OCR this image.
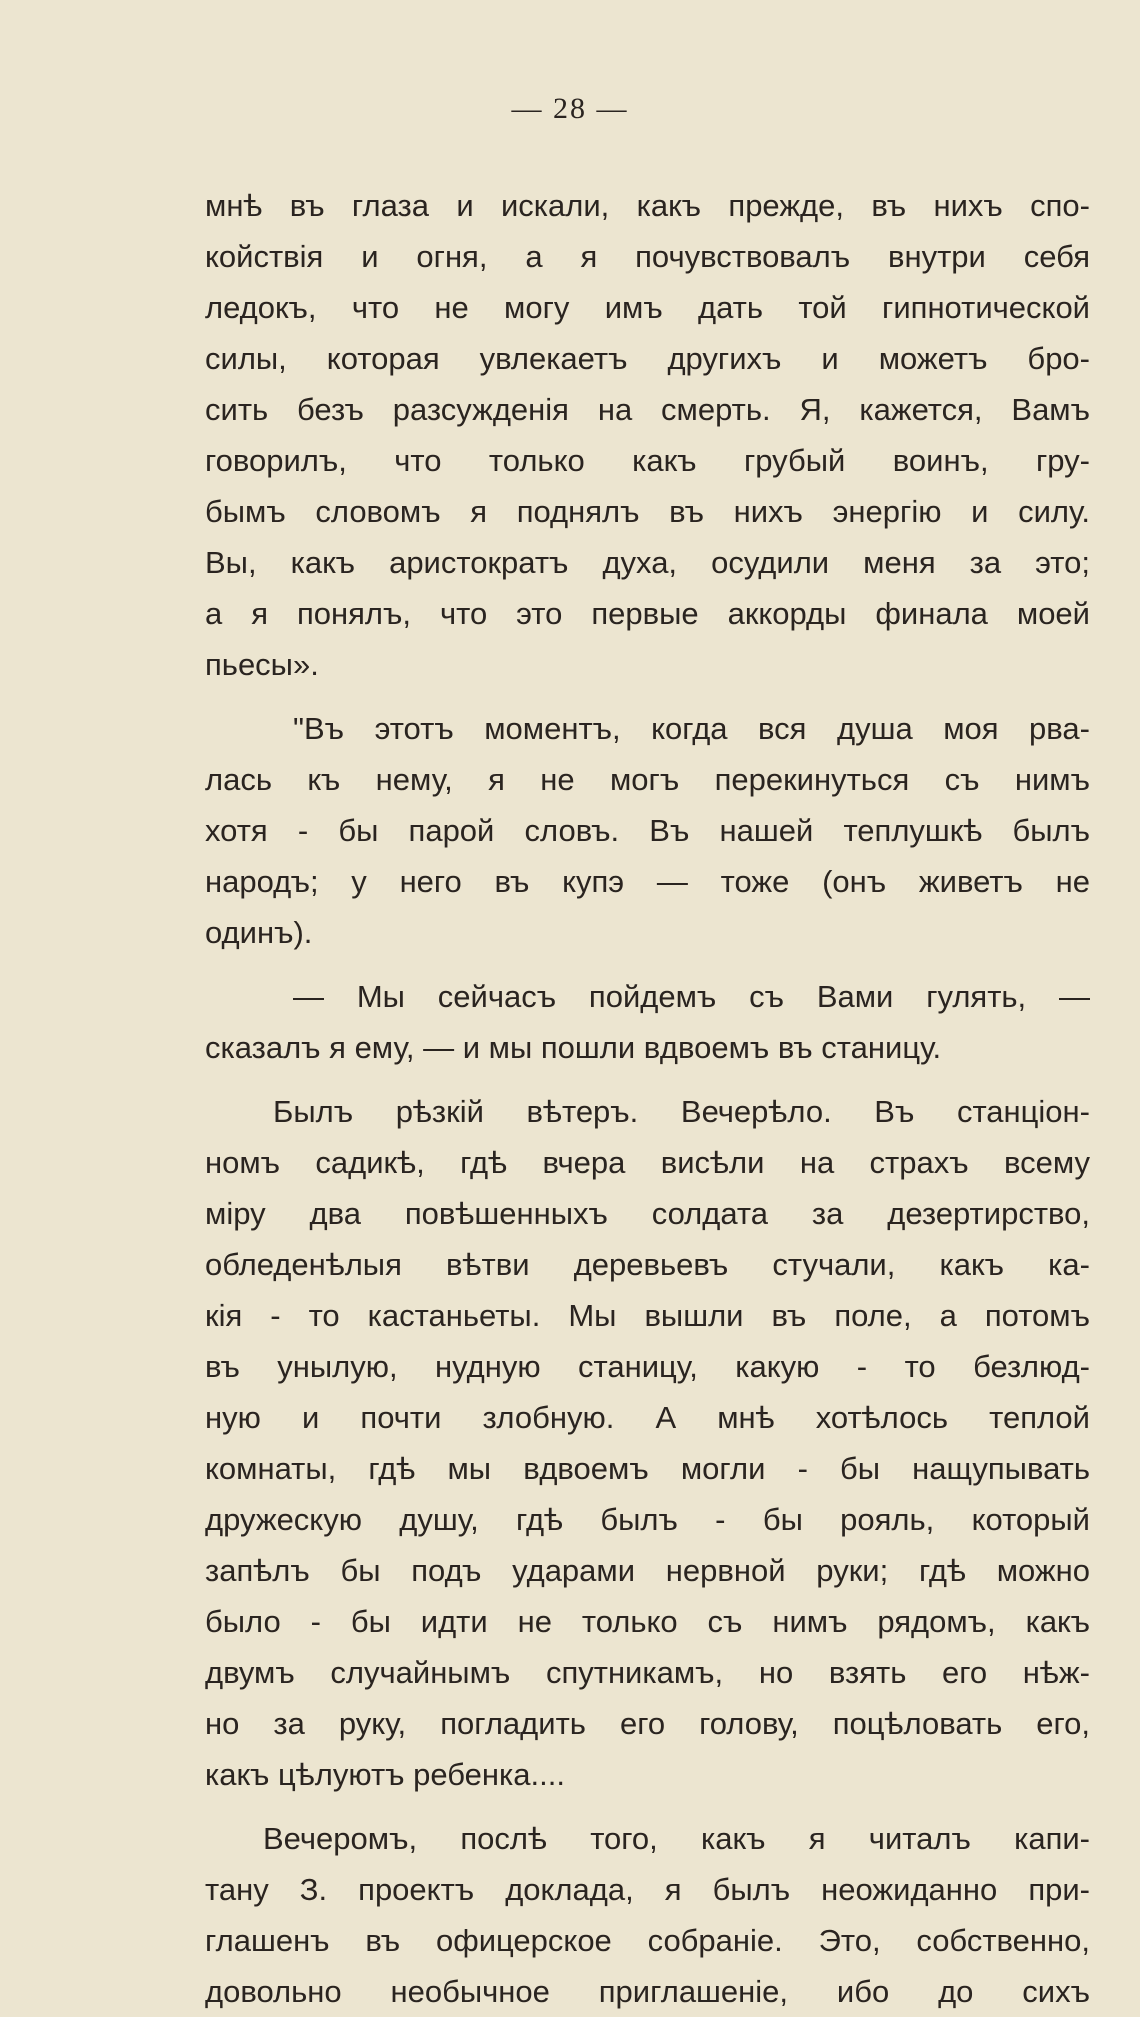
— 28 —
мнѣ въ глаза и искали, какъ прежде, въ нихъ спо-
койствія и огня, а я почувствовалъ внутри себя
ледокъ, что не могу имъ дать той гипнотической
силы, которая увлекаетъ другихъ и можетъ бро-
сить безъ разсужденія на смерть. Я, кажется, Вамъ
говорилъ, что только какъ грубый воинъ, гру-
бымъ словомъ я поднялъ въ нихъ энергію и силу.
Вы, какъ аристократъ духа, осудили меня за это;
а я понялъ, что это первые аккорды финала моей
пьесы».
"Въ этотъ моментъ, когда вся душа моя рва-
лась къ нему, я не могъ перекинуться съ нимъ
хотя - бы парой словъ. Въ нашей теплушкѣ былъ
народъ; у него въ купэ — тоже (онъ живетъ не
одинъ).
— Мы сейчасъ пойдемъ съ Вами гулять, —
сказалъ я ему, — и мы пошли вдвоемъ въ станицу.
Былъ рѣзкій вѣтеръ. Вечерѣло. Въ станціон-
номъ садикѣ, гдѣ вчера висѣли на страхъ всему
міру два повѣшенныхъ солдата за дезертирство,
обледенѣлыя вѣтви деревьевъ стучали, какъ ка-
кія - то кастаньеты. Мы вышли въ поле, а потомъ
въ унылую, нудную станицу, какую - то безлюд-
ную и почти злобную. А мнѣ хотѣлось теплой
комнаты, гдѣ мы вдвоемъ могли - бы нащупывать
дружескую душу, гдѣ былъ - бы рояль, который
запѣлъ бы подъ ударами нервной руки; гдѣ можно
было - бы идти не только съ нимъ рядомъ, какъ
двумъ случайнымъ спутникамъ, но взять его нѣж-
но за руку, погладить его голову, поцѣловать его,
какъ цѣлуютъ ребенка....
Вечеромъ, послѣ того, какъ я читалъ капи-
тану З. проектъ доклада, я былъ неожиданно при-
глашенъ въ офицерское собраніе. Это, собственно,
довольно необычное приглашеніе, ибо до сихъ
